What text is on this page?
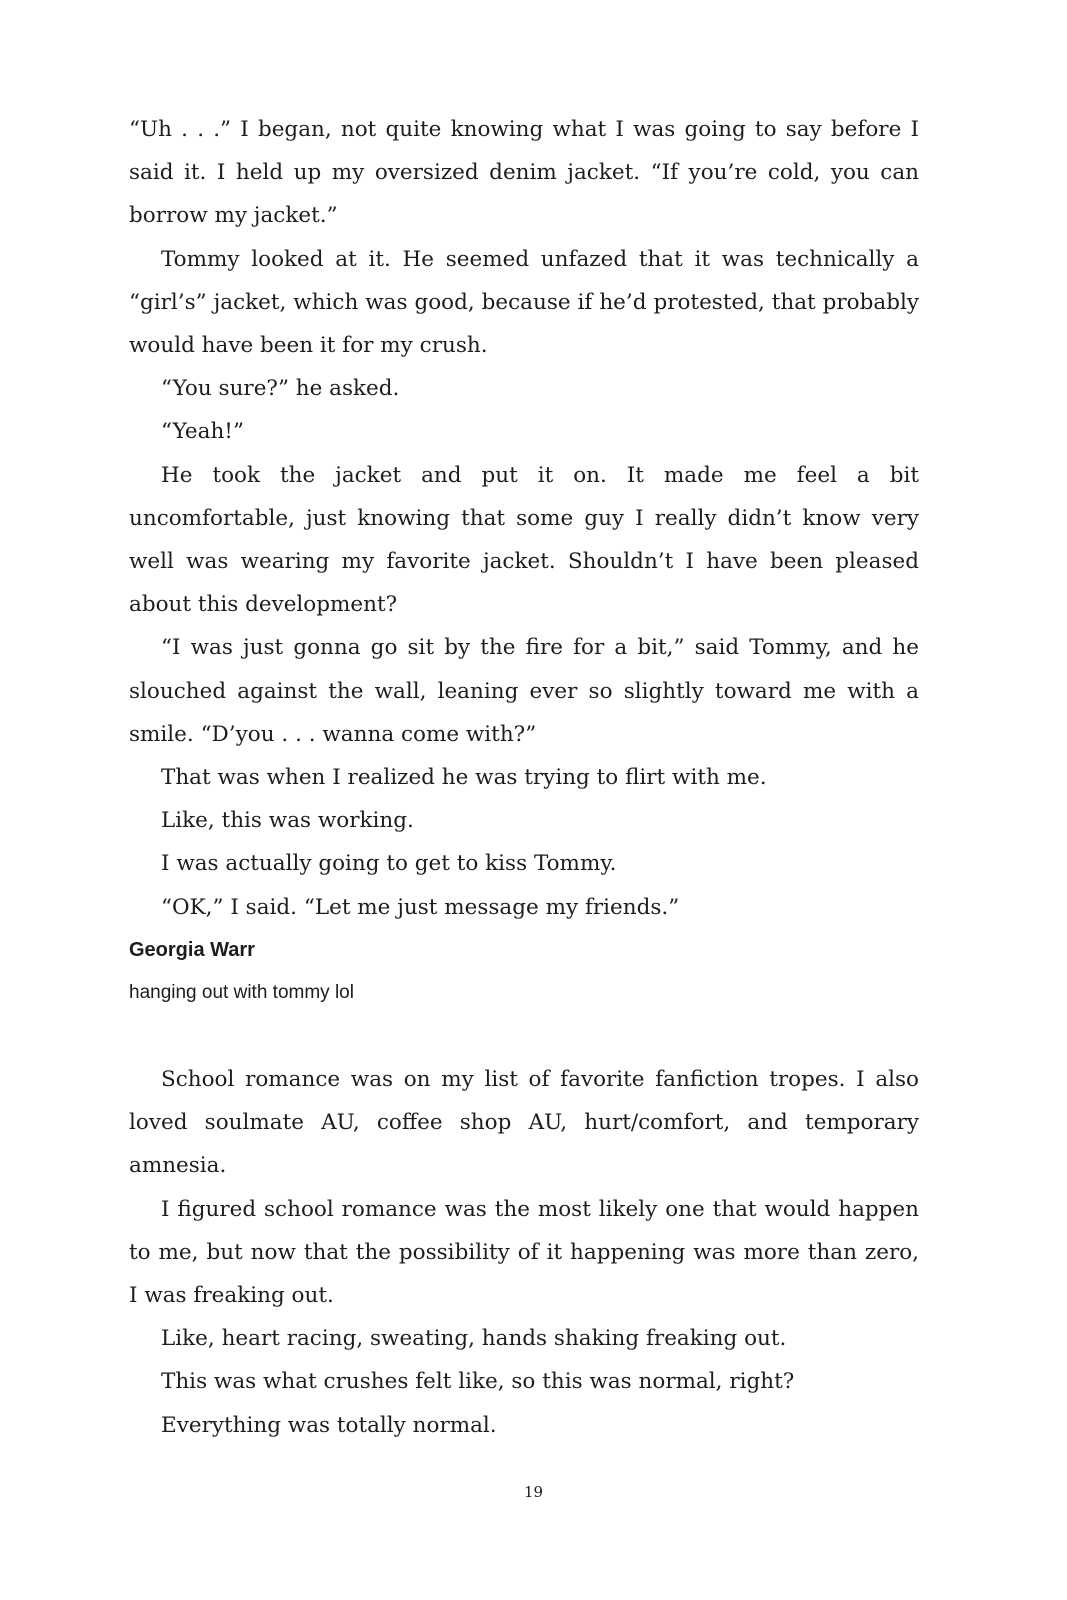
“Uh . . .” I began, not quite knowing what I was going to say before I said it. I held up my oversized denim jacket. “If you’re cold, you can borrow my jacket.”

Tommy looked at it. He seemed unfazed that it was technically a “girl’s” jacket, which was good, because if he’d protested, that probably would have been it for my crush.

“You sure?” he asked.

“Yeah!”

He took the jacket and put it on. It made me feel a bit uncomfortable, just knowing that some guy I really didn’t know very well was wearing my favorite jacket. Shouldn’t I have been pleased about this development?

“I was just gonna go sit by the fire for a bit,” said Tommy, and he slouched against the wall, leaning ever so slightly toward me with a smile. “D’you . . . wanna come with?”

That was when I realized he was trying to flirt with me.

Like, this was working.

I was actually going to get to kiss Tommy.

“OK,” I said. “Let me just message my friends.”

Georgia Warr
hanging out with tommy lol

School romance was on my list of favorite fanfiction tropes. I also loved soulmate AU, coffee shop AU, hurt/comfort, and temporary amnesia.

I figured school romance was the most likely one that would happen to me, but now that the possibility of it happening was more than zero, I was freaking out.

Like, heart racing, sweating, hands shaking freaking out.

This was what crushes felt like, so this was normal, right?

Everything was totally normal.

19
